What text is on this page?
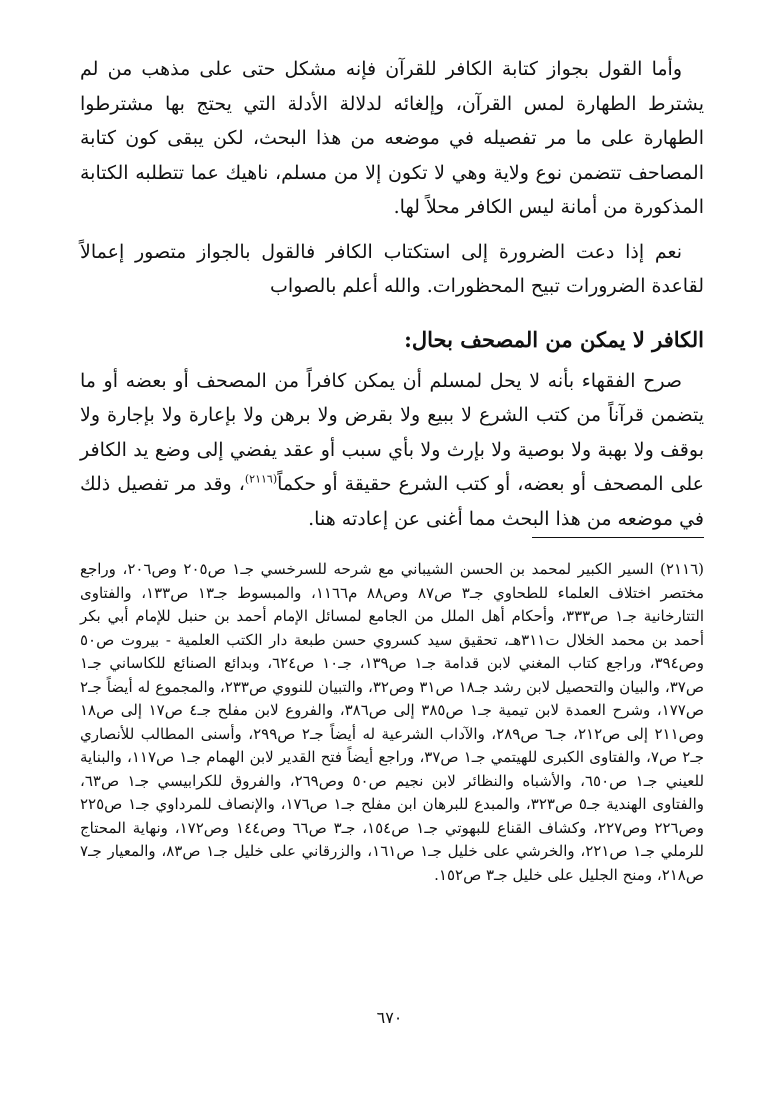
وأما القول بجواز كتابة الكافر للقرآن فإنه مشكل حتى على مذهب من لم يشترط الطهارة لمس القرآن، وإلغائه لدلالة الأدلة التي يحتج بها مشترطوا الطهارة على ما مر تفصيله في موضعه من هذا البحث، لكن يبقى كون كتابة المصاحف تتضمن نوع ولاية وهي لا تكون إلا من مسلم، ناهيك عما تتطلبه الكتابة المذكورة من أمانة ليس الكافر محلاً لها.

نعم إذا دعت الضرورة إلى استكتاب الكافر فالقول بالجواز متصور إعمالاً لقاعدة الضرورات تبيح المحظورات. والله أعلم بالصواب

الكافر لا يمكن من المصحف بحال:

صرح الفقهاء بأنه لا يحل لمسلم أن يمكن كافراً من المصحف أو بعضه أو ما يتضمن قرآناً من كتب الشرع لا ببيع ولا بقرض ولا برهن ولا بإعارة ولا بإجارة ولا بوقف ولا بهبة ولا بوصية ولا بإرث ولا بأي سبب أو عقد يفضي إلى وضع يد الكافر على المصحف أو بعضه، أو كتب الشرع حقيقة أو حكماً$^{(٢١١٦)}$، وقد مر تفصيل ذلك في موضعه من هذا البحث مما أغنى عن إعادته هنا.

(٢١١٦) السير الكبير لمحمد بن الحسن الشيباني مع شرحه للسرخسي جـ١ ص٢٠٥ وص٢٠٦، وراجع مختصر اختلاف العلماء للطحاوي جـ٣ ص٨٧ وص٨٨ م١١٦٦، والمبسوط جـ١٣ ص١٣٣، والفتاوى التتارخانية جـ١ ص٣٣٣، وأحكام أهل الملل من الجامع لمسائل الإمام أحمد بن حنبل للإمام أبي بكر أحمد بن محمد الخلال ت٣١١هـ، تحقيق سيد كسروي حسن طبعة دار الكتب العلمية - بيروت ص٥٠ وص٣٩٤، وراجع كتاب المغني لابن قدامة جـ١ ص١٣٩، جـ١٠ ص٦٢٤، وبدائع الصنائع للكاساني جـ١ ص٣٧، والبيان والتحصيل لابن رشد جـ١٨ ص٣١ وص٣٢، والتبيان للنووي ص٢٣٣، والمجموع له أيضاً جـ٢ ص١٧٧، وشرح العمدة لابن تيمية جـ١ ص٣٨٥ إلى ص٣٨٦، والفروع لابن مفلح جـ٤ ص١٧ إلى ص١٨ وص٢١١ إلى ص٢١٢، جـ٦ ص٢٨٩، والآداب الشرعية له أيضاً جـ٢ ص٢٩٩، وأسنى المطالب للأنصاري جـ٢ ص٧، والفتاوى الكبرى للهيتمي جـ١ ص٣٧، وراجع أيضاً فتح القدير لابن الهمام جـ١ ص١١٧، والبناية للعيني جـ١ ص٦٥٠، والأشباه والنظائر لابن نجيم ص٥٠ وص٢٦٩، والفروق للكرابيسي جـ١ ص٦٣، والفتاوى الهندية جـ٥ ص٣٢٣، والمبدع للبرهان ابن مفلح جـ١ ص١٧٦، والإنصاف للمرداوي جـ١ ص٢٢٥ وص٢٢٦ وص٢٢٧، وكشاف القناع للبهوتي جـ١ ص١٥٤، جـ٣ ص٦٦ وص١٤٤ وص١٧٢، ونهاية المحتاج للرملي جـ١ ص٢٢١، والخرشي على خليل جـ١ ص١٦١، والزرقاني على خليل جـ١ ص٨٣، والمعيار جـ٧ ص٢١٨، ومنح الجليل على خليل جـ٣ ص١٥٢.

٦٧٠
